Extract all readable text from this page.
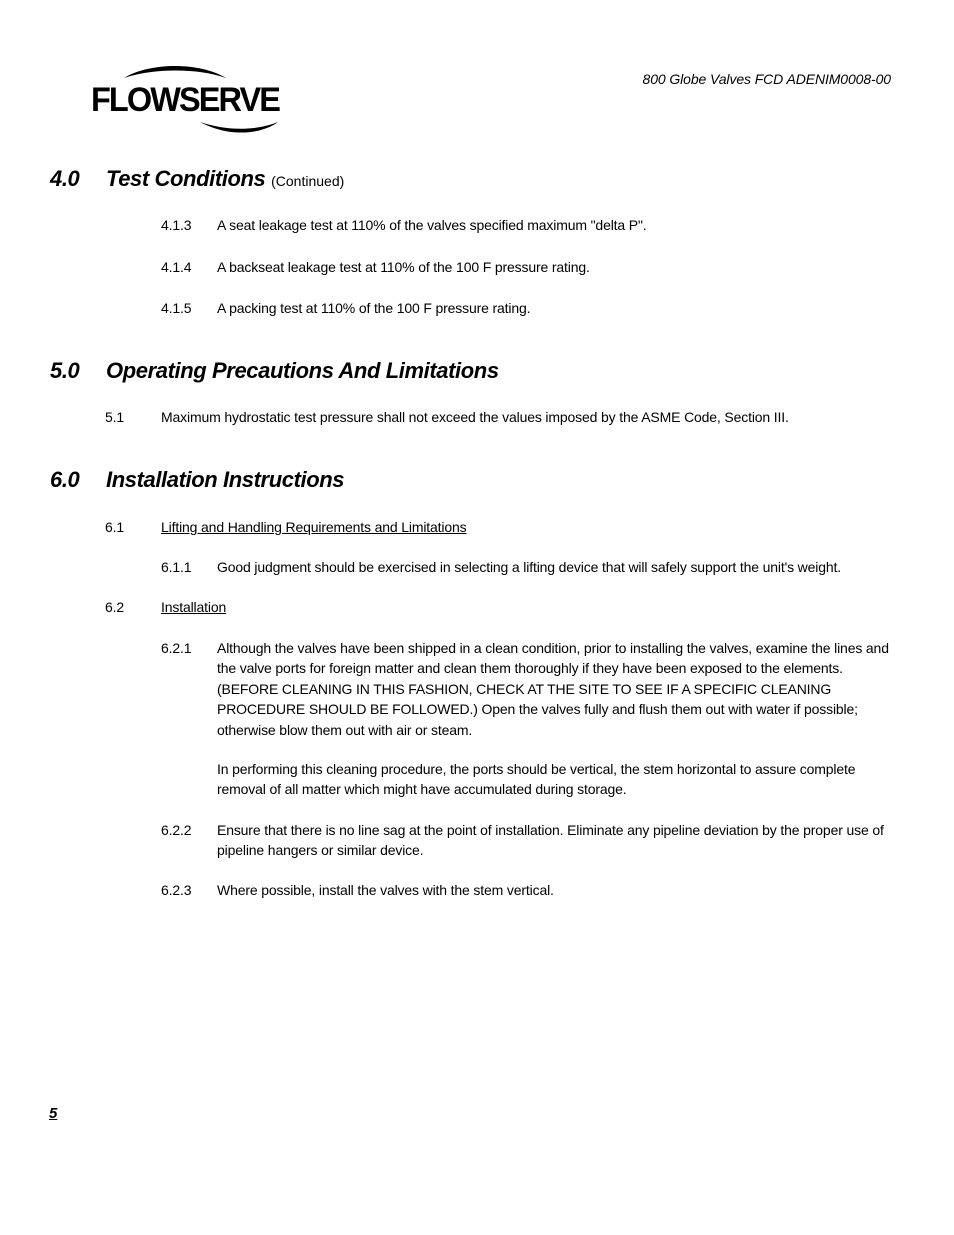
800 Globe Valves FCD ADENIM0008-00
FLOWSERVE
4.0 Test Conditions (Continued)
4.1.3 A seat leakage test at 110% of the valves specified maximum "delta P".
4.1.4 A backseat leakage test at 110% of the 100 F pressure rating.
4.1.5 A packing test at 110% of the 100 F pressure rating.
5.0 Operating Precautions And Limitations
5.1	Maximum hydrostatic test pressure shall not exceed the values imposed by the ASME Code, Section III.
6.0 Installation Instructions
6.1	Lifting and Handling Requirements and Limitations
6.1.1 Good judgment should be exercised in selecting a lifting device that will safely support the unit's weight.
6.2	Installation
6.2.1 Although the valves have been shipped in a clean condition, prior to installing the valves, examine the lines and the valve ports for foreign matter and clean them thoroughly if they have been exposed to the elements. (BEFORE CLEANING IN THIS FASHION, CHECK AT THE SITE TO SEE IF A SPECIFIC CLEANING PROCEDURE SHOULD BE FOLLOWED.) Open the valves fully and flush them out with water if possible; otherwise blow them out with air or steam.
In performing this cleaning procedure, the ports should be vertical, the stem horizontal to assure complete removal of all matter which might have accumulated during storage.
6.2.2 Ensure that there is no line sag at the point of installation. Eliminate any pipeline deviation by the proper use of pipeline hangers or similar device.
6.2.3 Where possible, install the valves with the stem vertical.
5
